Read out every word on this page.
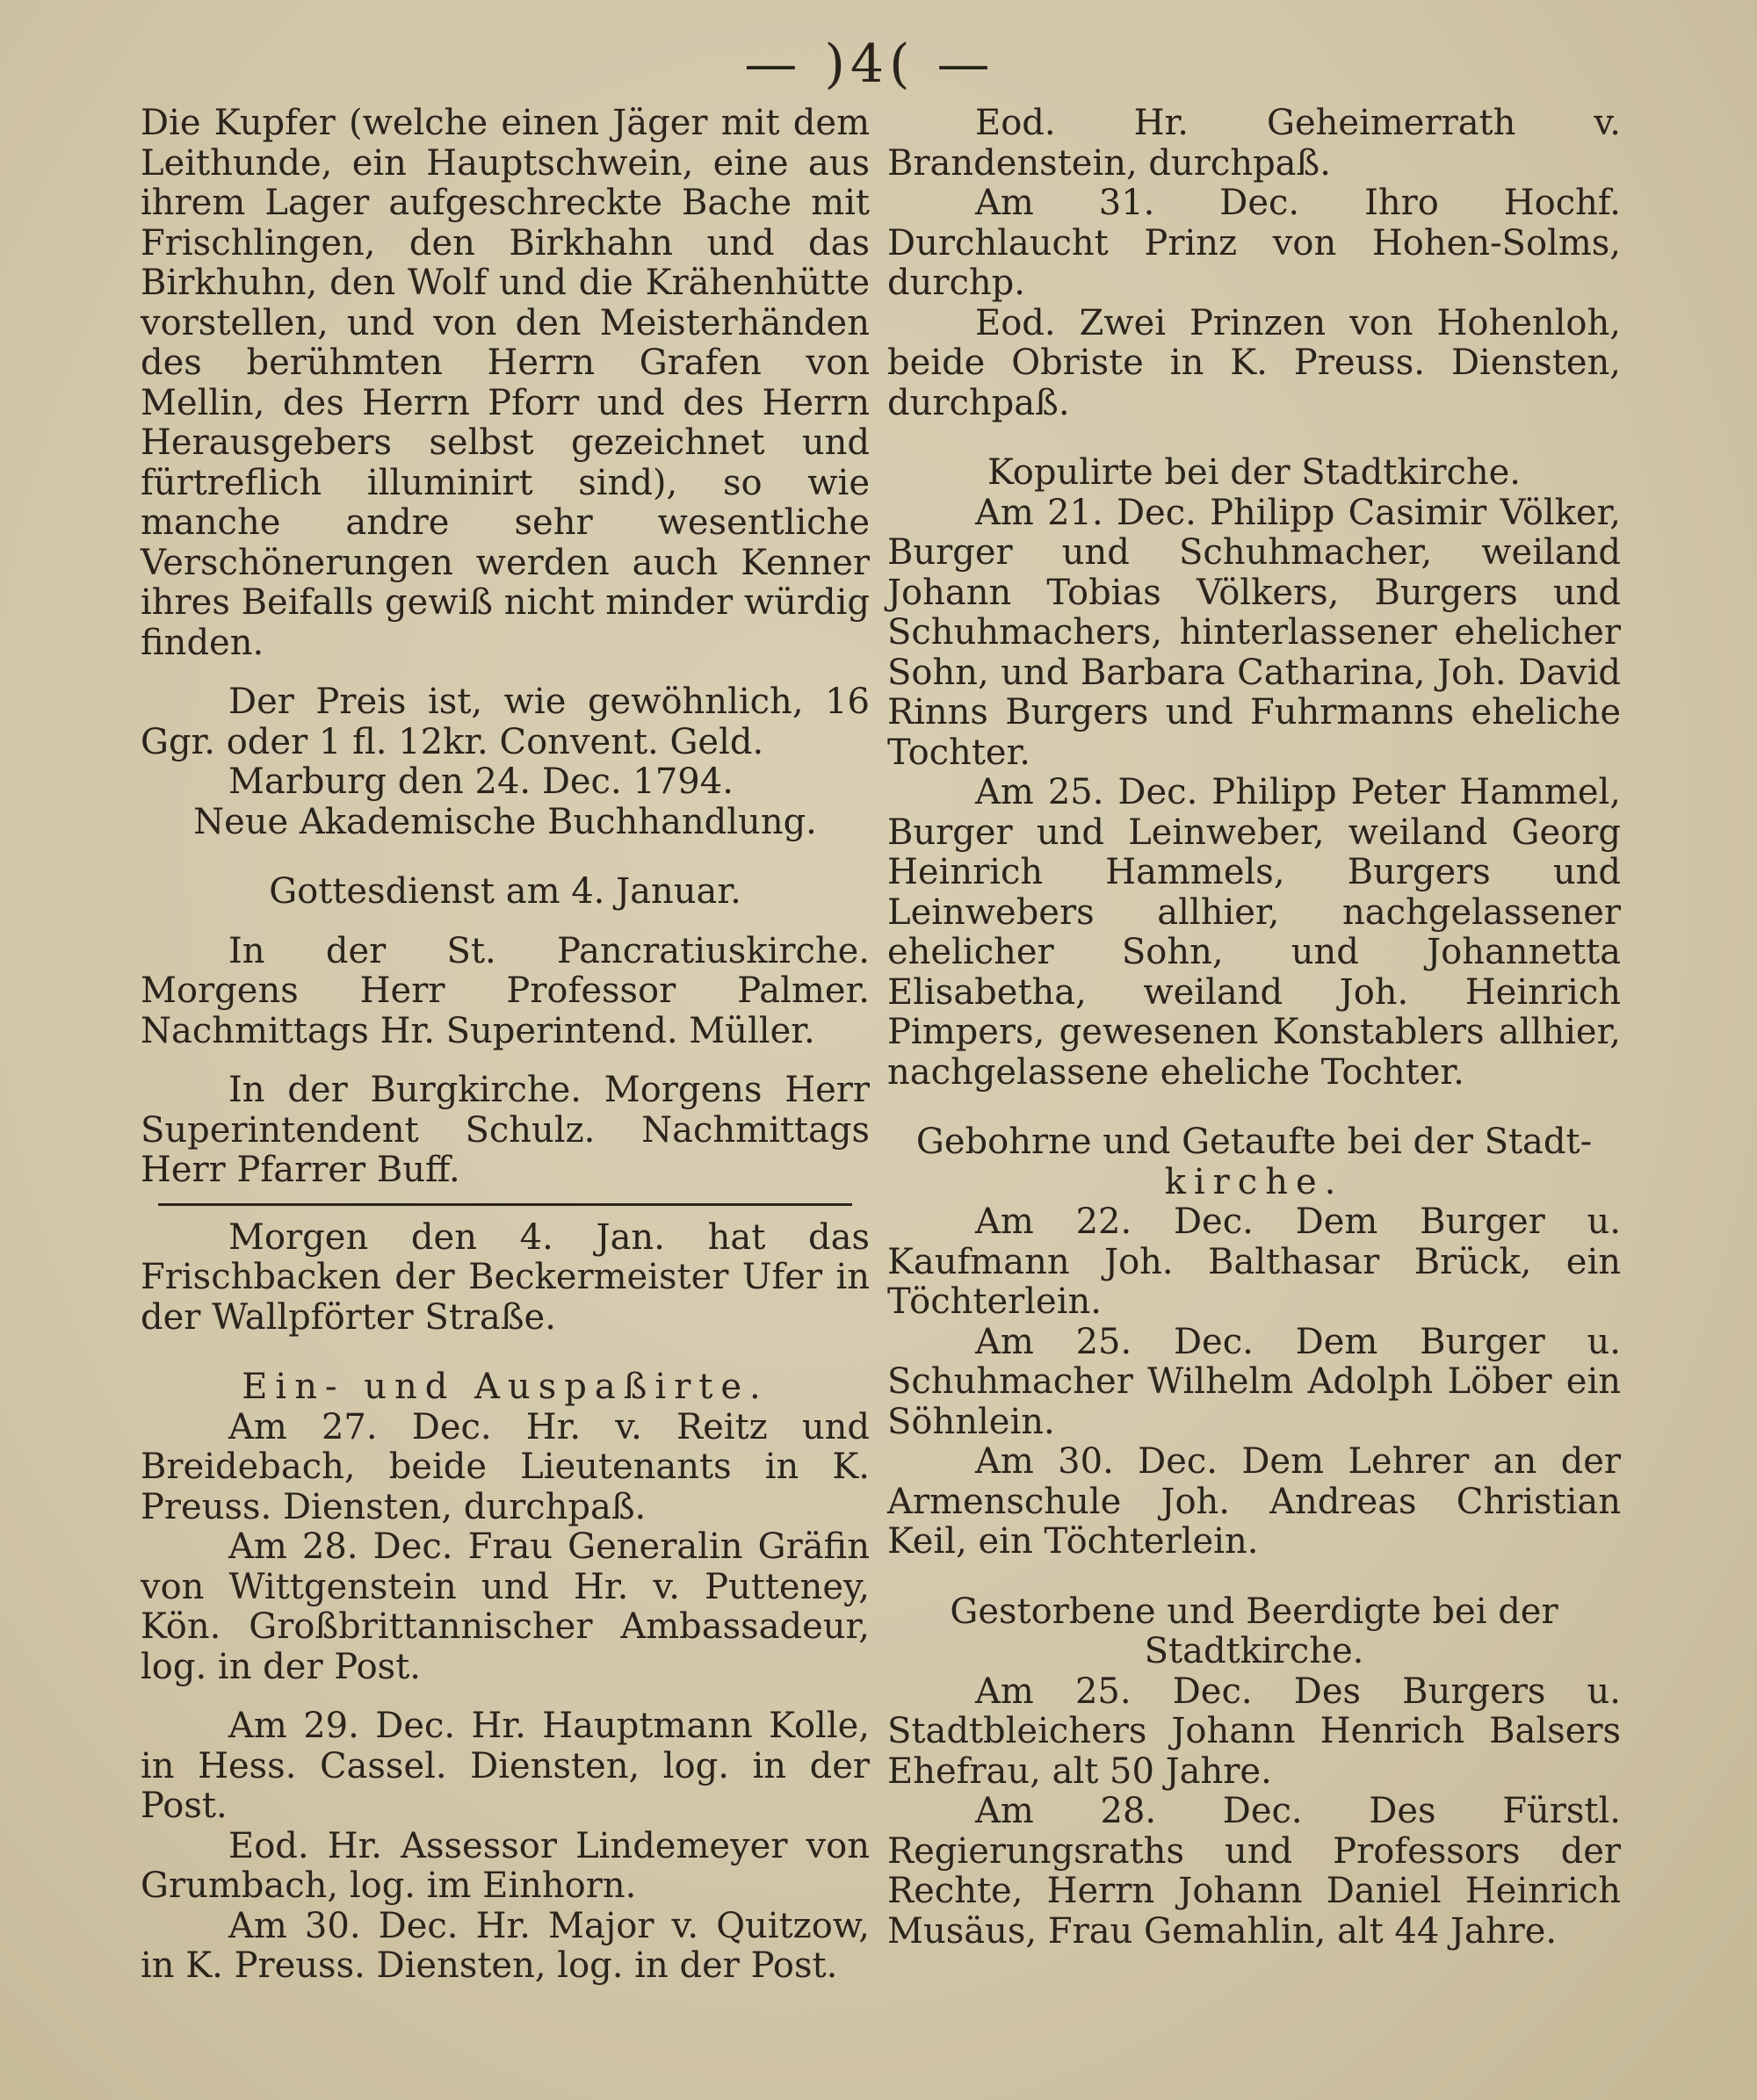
— )4( —

Die Kupfer (welche einen Jäger mit dem Leithunde, ein Hauptschwein, eine aus ihrem Lager aufgeschreckte Bache mit Frischlingen, den Birkhahn und das Birkhuhn, den Wolf und die Krähenhütte vorstellen, und von den Meisterhänden des berühmten Herrn Grafen von Mellin, des Herrn Pforr und des Herrn Herausgebers selbst gezeichnet und fürtreflich illuminirt sind), so wie manche andre sehr wesentliche Verschönerungen werden auch Kenner ihres Beifalls gewiß nicht minder würdig finden.

Der Preis ist, wie gewöhnlich, 16 Ggr. oder 1 fl. 12kr. Convent. Geld.

Marburg den 24. Dec. 1794.

Neue Akademische Buchhandlung.

Gottesdienst am 4. Januar.

In der St. Pancratiuskirche. Morgens Herr Professor Palmer. Nachmittags Hr. Superintend. Müller.

In der Burgkirche. Morgens Herr Superintendent Schulz. Nachmittags Herr Pfarrer Buff.

Morgen den 4. Jan. hat das Frischbacken der Beckermeister Ufer in der Wallpförter Straße.

Ein- und Auspaßirte.

Am 27. Dec. Hr. v. Reitz und Breidebach, beide Lieutenants in K. Preuss. Diensten, durchpaß.

Am 28. Dec. Frau Generalin Gräfin von Wittgenstein und Hr. v. Putteney, Kön. Großbrittannischer Ambassadeur, log. in der Post.

Am 29. Dec. Hr. Hauptmann Kolle, in Hess. Cassel. Diensten, log. in der Post.

Eod. Hr. Assessor Lindemeyer von Grumbach, log. im Einhorn.

Am 30. Dec. Hr. Major v. Quitzow, in K. Preuss. Diensten, log. in der Post.

Eod. Hr. Geheimerrath v. Brandenstein, durchpaß.

Am 31. Dec. Ihro Hochf. Durchlaucht Prinz von Hohen-Solms, durchp.

Eod. Zwei Prinzen von Hohenloh, beide Obriste in K. Preuss. Diensten, durchpaß.

Kopulirte bei der Stadtkirche.

Am 21. Dec. Philipp Casimir Völker, Burger und Schuhmacher, weiland Johann Tobias Völkers, Burgers und Schuhmachers, hinterlassener ehelicher Sohn, und Barbara Catharina, Joh. David Rinns Burgers und Fuhrmanns eheliche Tochter.

Am 25. Dec. Philipp Peter Hammel, Burger und Leinweber, weiland Georg Heinrich Hammels, Burgers und Leinwebers allhier, nachgelassener ehelicher Sohn, und Johannetta Elisabetha, weiland Joh. Heinrich Pimpers, gewesenen Konstablers allhier, nachgelassene eheliche Tochter.

Gebohrne und Getaufte bei der Stadt-

kirche.

Am 22. Dec. Dem Burger u. Kaufmann Joh. Balthasar Brück, ein Töchterlein.

Am 25. Dec. Dem Burger u. Schuhmacher Wilhelm Adolph Löber ein Söhnlein.

Am 30. Dec. Dem Lehrer an der Armenschule Joh. Andreas Christian Keil, ein Töchterlein.

Gestorbene und Beerdigte bei der

Stadtkirche.

Am 25. Dec. Des Burgers u. Stadtbleichers Johann Henrich Balsers Ehefrau, alt 50 Jahre.

Am 28. Dec. Des Fürstl. Regierungsraths und Professors der Rechte, Herrn Johann Daniel Heinrich Musäus, Frau Gemahlin, alt 44 Jahre.
